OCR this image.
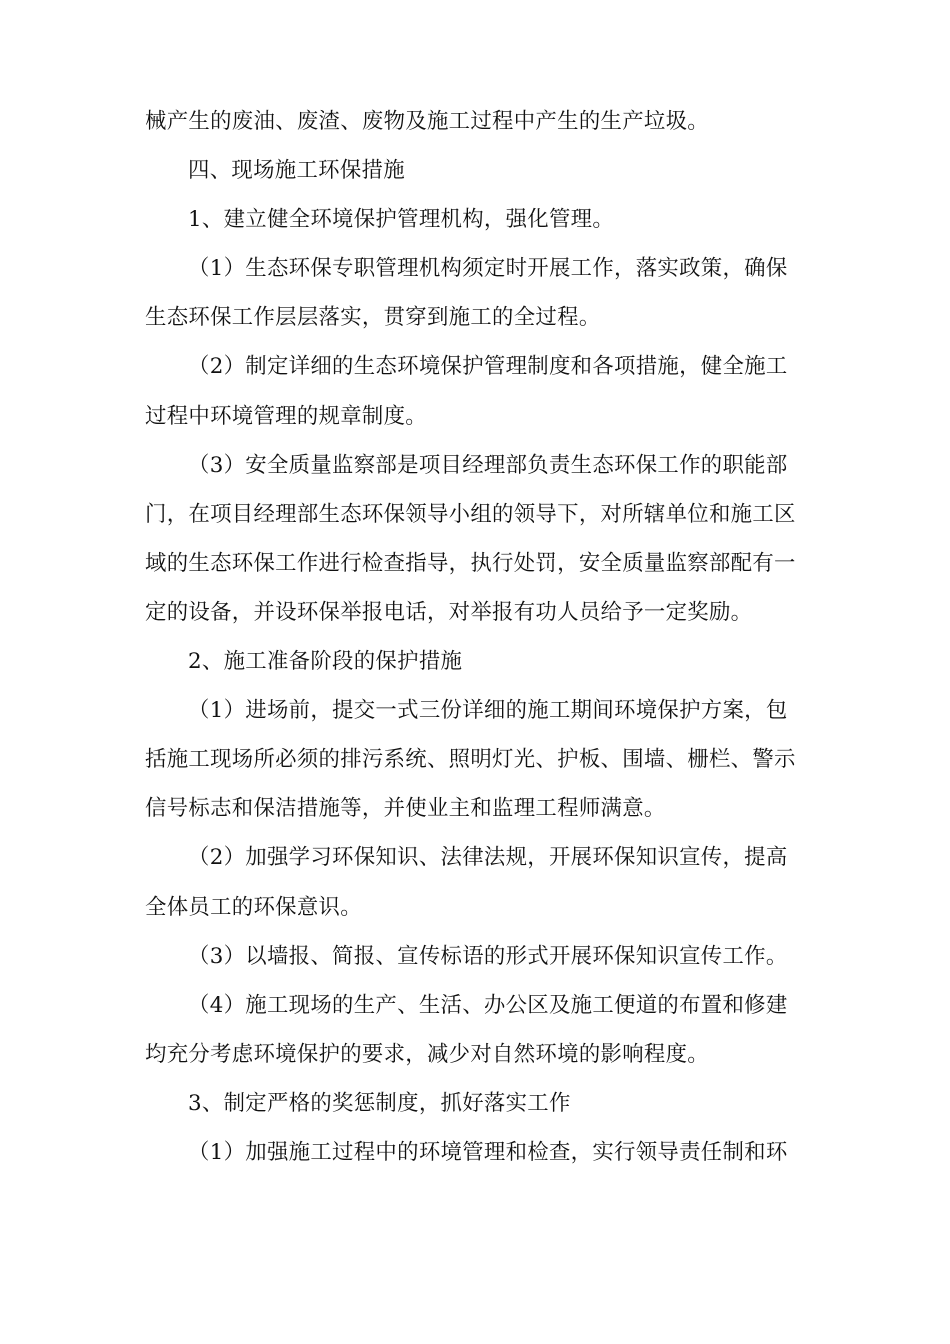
械产生的废油、废渣、废物及施工过程中产生的生产垃圾。
四、现场施工环保措施
1、建立健全环境保护管理机构，强化管理。
（1）生态环保专职管理机构须定时开展工作，落实政策，确保
生态环保工作层层落实，贯穿到施工的全过程。
（2）制定详细的生态环境保护管理制度和各项措施，健全施工
过程中环境管理的规章制度。
（3）安全质量监察部是项目经理部负责生态环保工作的职能部
门，在项目经理部生态环保领导小组的领导下，对所辖单位和施工区
域的生态环保工作进行检查指导，执行处罚，安全质量监察部配有一
定的设备，并设环保举报电话，对举报有功人员给予一定奖励。
2、施工准备阶段的保护措施
（1）进场前，提交一式三份详细的施工期间环境保护方案，包
括施工现场所必须的排污系统、照明灯光、护板、围墙、栅栏、警示
信号标志和保洁措施等，并使业主和监理工程师满意。
（2）加强学习环保知识、法律法规，开展环保知识宣传，提高
全体员工的环保意识。
（3）以墙报、简报、宣传标语的形式开展环保知识宣传工作。
（4）施工现场的生产、生活、办公区及施工便道的布置和修建
均充分考虑环境保护的要求，减少对自然环境的影响程度。
3、制定严格的奖惩制度，抓好落实工作
（1）加强施工过程中的环境管理和检查，实行领导责任制和环
